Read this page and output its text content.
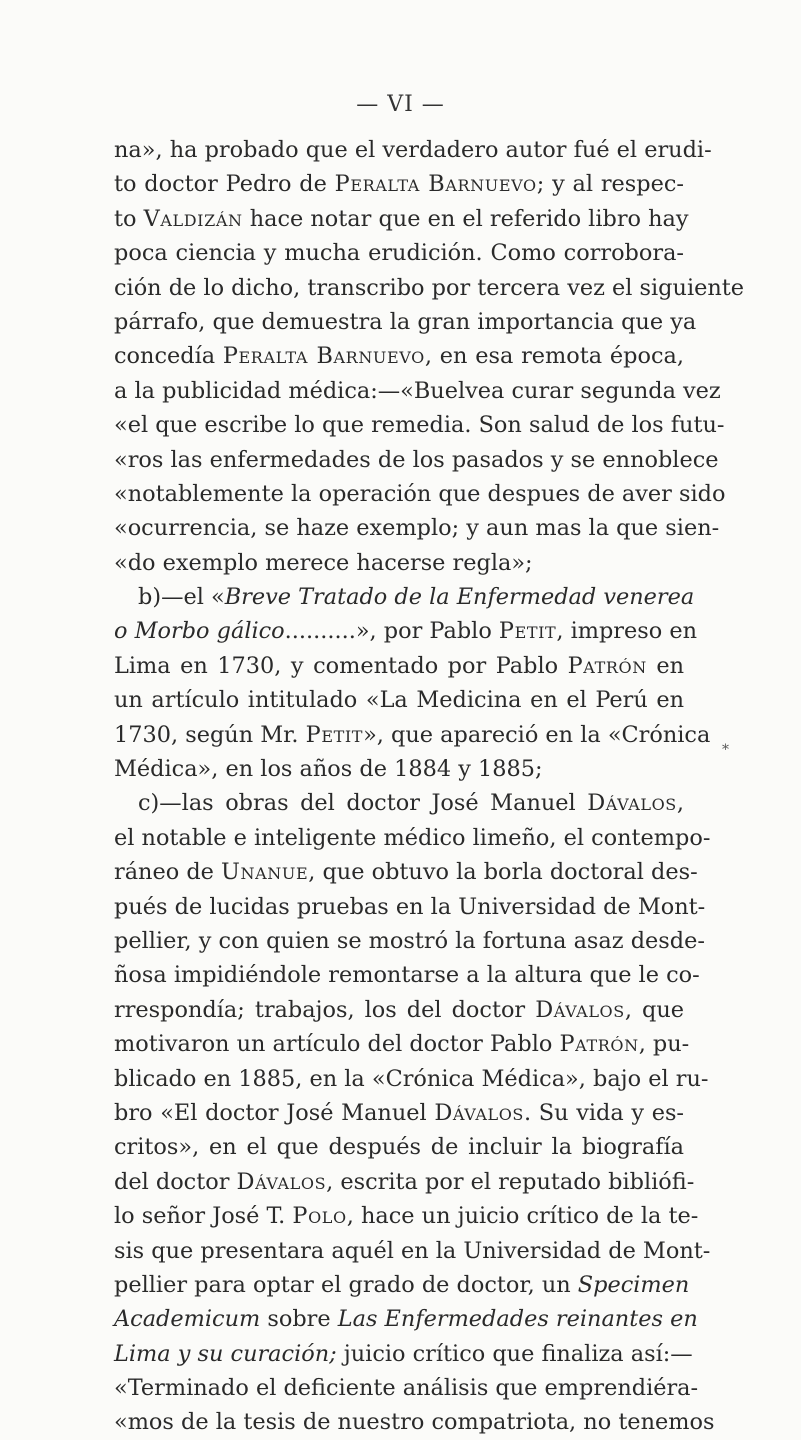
— VI —
na», ha probado que el verdadero autor fué el erudi-
to doctor Pedro de Peralta Barnuevo; y al respec-
to Valdizán hace notar que en el referido libro hay
poca ciencia y mucha erudición. Como corrobora-
ción de lo dicho, transcribo por tercera vez el siguiente
párrafo, que demuestra la gran importancia que ya
concedía Peralta Barnuevo, en esa remota época,
a la publicidad médica:—«Buelvea curar segunda vez
«el que escribe lo que remedia. Son salud de los futu-
«ros las enfermedades de los pasados y se ennoblece
«notablemente la operación que despues de aver sido
«ocurrencia, se haze exemplo; y aun mas la que sien-
«do exemplo merece hacerse regla»;
b)—el «Breve Tratado de la Enfermedad venerea
o Morbo gálico..........», por Pablo Petit, impreso en
Lima en 1730, y comentado por Pablo Patrón en
un artículo intitulado «La Medicina en el Perú en
1730, según Mr. Petit», que apareció en la «Crónica
Médica», en los años de 1884 y 1885;
c)—las obras del doctor José Manuel Dávalos,
el notable e inteligente médico limeño, el contempo-
ráneo de Unanue, que obtuvo la borla doctoral des-
pués de lucidas pruebas en la Universidad de Mont-
pellier, y con quien se mostró la fortuna asaz desde-
ñosa impidiéndole remontarse a la altura que le co-
rrespondía; trabajos, los del doctor Dávalos, que
motivaron un artículo del doctor Pablo Patrón, pu-
blicado en 1885, en la «Crónica Médica», bajo el ru-
bro «El doctor José Manuel Dávalos. Su vida y es-
critos», en el que después de incluir la biografía
del doctor Dávalos, escrita por el reputado bibliófi-
lo señor José T. Polo, hace un juicio crítico de la te-
sis que presentara aquél en la Universidad de Mont-
pellier para optar el grado de doctor, un Specimen
Academicum sobre Las Enfermedades reinantes en
Lima y su curación; juicio crítico que finaliza así:—
«Terminado el deficiente análisis que emprendiéra-
«mos de la tesis de nuestro compatriota, no tenemos
*
